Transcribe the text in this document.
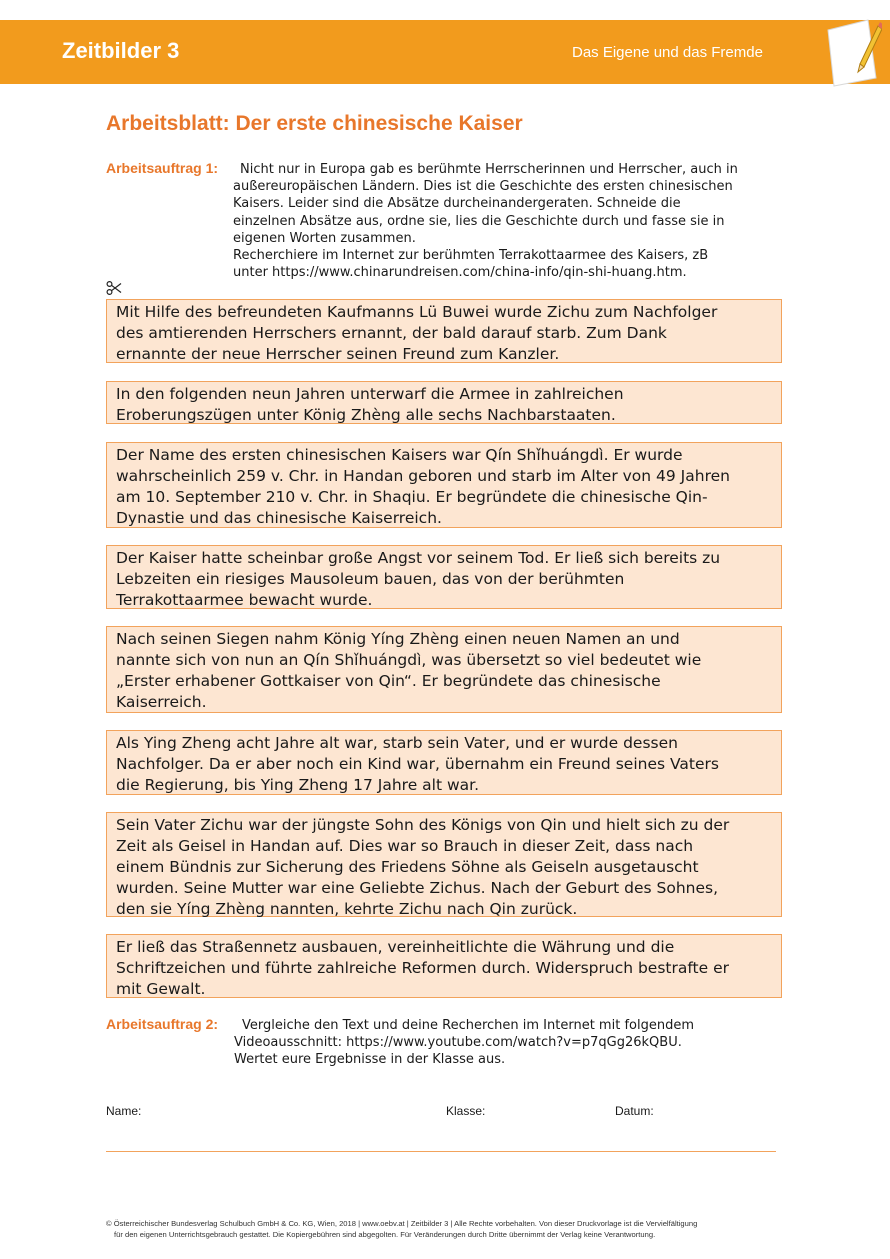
Zeitbilder 3	Das Eigene und das Fremde
Arbeitsblatt: Der erste chinesische Kaiser
Arbeitsauftrag 1: Nicht nur in Europa gab es berühmte Herrscherinnen und Herrscher, auch in
außereuropäischen Ländern. Dies ist die Geschichte des ersten chinesischen
Kaisers. Leider sind die Absätze durcheinandergeraten. Schneide die
einzelnen Absätze aus, ordne sie, lies die Geschichte durch und fasse sie in
eigenen Worten zusammen.
Recherchiere im Internet zur berühmten Terrakottaarmee des Kaisers, zB
unter https://www.chinarundreisen.com/china-info/qin-shi-huang.htm.
Mit Hilfe des befreundeten Kaufmanns Lü Buwei wurde Zichu zum Nachfolger
des amtierenden Herrschers ernannt, der bald darauf starb. Zum Dank
ernannte der neue Herrscher seinen Freund zum Kanzler.
In den folgenden neun Jahren unterwarf die Armee in zahlreichen
Eroberungszügen unter König Zhèng alle sechs Nachbarstaaten.
Der Name des ersten chinesischen Kaisers war Qín Shǐhuángdì. Er wurde
wahrscheinlich 259 v. Chr. in Handan geboren und starb im Alter von 49 Jahren
am 10. September 210 v. Chr. in Shaqiu. Er begründete die chinesische Qin-
Dynastie und das chinesische Kaiserreich.
Der Kaiser hatte scheinbar große Angst vor seinem Tod. Er ließ sich bereits zu
Lebzeiten ein riesiges Mausoleum bauen, das von der berühmten
Terrakottaarmee bewacht wurde.
Nach seinen Siegen nahm König Yíng Zhèng einen neuen Namen an und
nannte sich von nun an Qín Shǐhuángdì, was übersetzt so viel bedeutet wie
„Erster erhabener Gottkaiser von Qin“. Er begründete das chinesische
Kaiserreich.
Als Ying Zheng acht Jahre alt war, starb sein Vater, und er wurde dessen
Nachfolger. Da er aber noch ein Kind war, übernahm ein Freund seines Vaters
die Regierung, bis Ying Zheng 17 Jahre alt war.
Sein Vater Zichu war der jüngste Sohn des Königs von Qin und hielt sich zu der
Zeit als Geisel in Handan auf. Dies war so Brauch in dieser Zeit, dass nach
einem Bündnis zur Sicherung des Friedens Söhne als Geiseln ausgetauscht
wurden. Seine Mutter war eine Geliebte Zichus. Nach der Geburt des Sohnes,
den sie Yíng Zhèng nannten, kehrte Zichu nach Qin zurück.
Er ließ das Straßennetz ausbauen, vereinheitlichte die Währung und die
Schriftzeichen und führte zahlreiche Reformen durch. Widerspruch bestrafte er
mit Gewalt.
Arbeitsauftrag 2: Vergleiche den Text und deine Recherchen im Internet mit folgendem
Videoausschnitt: https://www.youtube.com/watch?v=p7qGg26kQBU.
Wertet eure Ergebnisse in der Klasse aus.
Name:	Klasse:	Datum:
© Österreichischer Bundesverlag Schulbuch GmbH & Co. KG, Wien, 2018 | www.oebv.at | Zeitbilder 3 | Alle Rechte vorbehalten. Von dieser Druckvorlage ist die Vervielfältigung
für den eigenen Unterrichtsgebrauch gestattet. Die Kopiergebühren sind abgegolten. Für Veränderungen durch Dritte übernimmt der Verlag keine Verantwortung.
